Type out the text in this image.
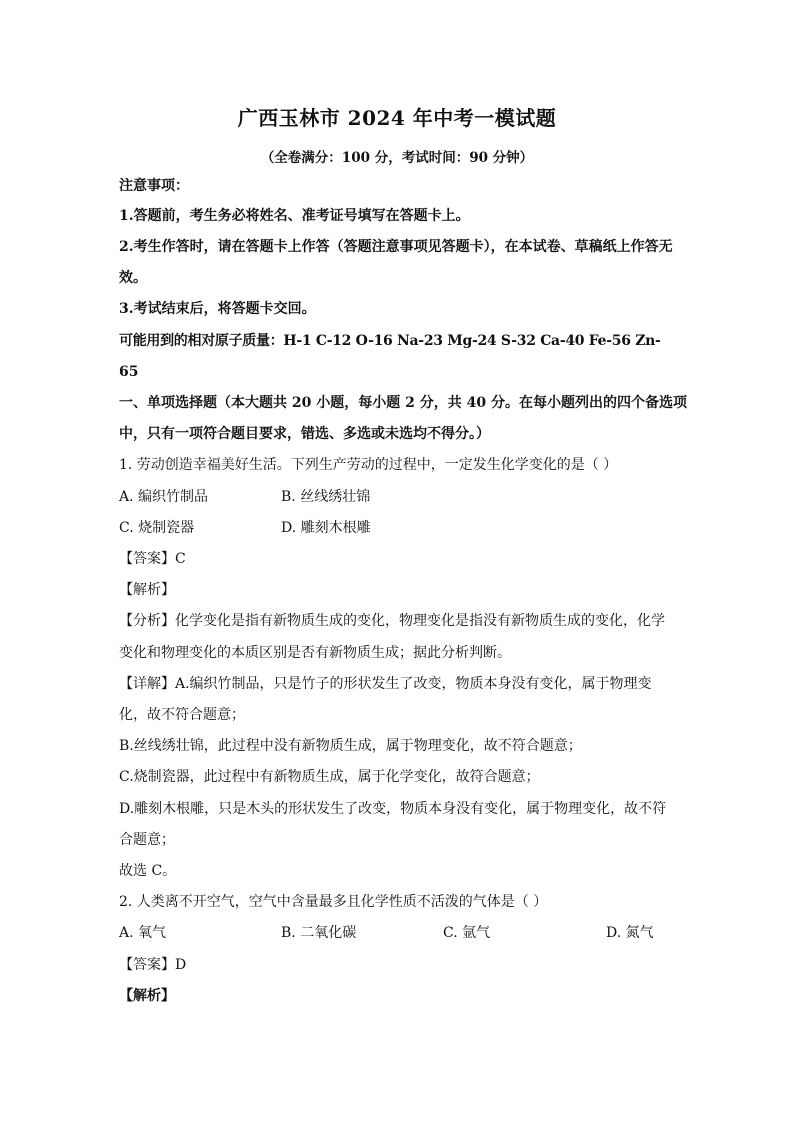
广西玉林市 2024 年中考一模试题
（全卷满分：100 分，考试时间：90 分钟）
注意事项：
1.答题前，考生务必将姓名、准考证号填写在答题卡上。
2.考生作答时，请在答题卡上作答（答题注意事项见答题卡），在本试卷、草稿纸上作答无
效。
3.考试结束后，将答题卡交回。
可能用到的相对原子质量：H-1 C-12 O-16 Na-23 Mg-24 S-32 Ca-40 Fe-56 Zn-
65
一、单项选择题（本大题共 20 小题，每小题 2 分，共 40 分。在每小题列出的四个备选项
中，只有一项符合题目要求，错选、多选或未选均不得分。）
1. 劳动创造幸福美好生活。下列生产劳动的过程中，一定发生化学变化的是（ ）
A. 编织竹制品	B. 丝线绣壮锦
C. 烧制瓷器	D. 雕刻木根雕
【答案】C
【解析】
【分析】化学变化是指有新物质生成的变化，物理变化是指没有新物质生成的变化，化学
变化和物理变化的本质区别是否有新物质生成；据此分析判断。
【详解】A.编织竹制品，只是竹子的形状发生了改变，物质本身没有变化，属于物理变
化，故不符合题意；
B.丝线绣壮锦，此过程中没有新物质生成，属于物理变化，故不符合题意；
C.烧制瓷器，此过程中有新物质生成，属于化学变化，故符合题意；
D.雕刻木根雕，只是木头的形状发生了改变，物质本身没有变化，属于物理变化，故不符
合题意；
故选 C。
2. 人类离不开空气，空气中含量最多且化学性质不活泼的气体是（ ）
A. 氧气	B. 二氧化碳	C. 氩气	D. 氮气
【答案】D
【解析】
